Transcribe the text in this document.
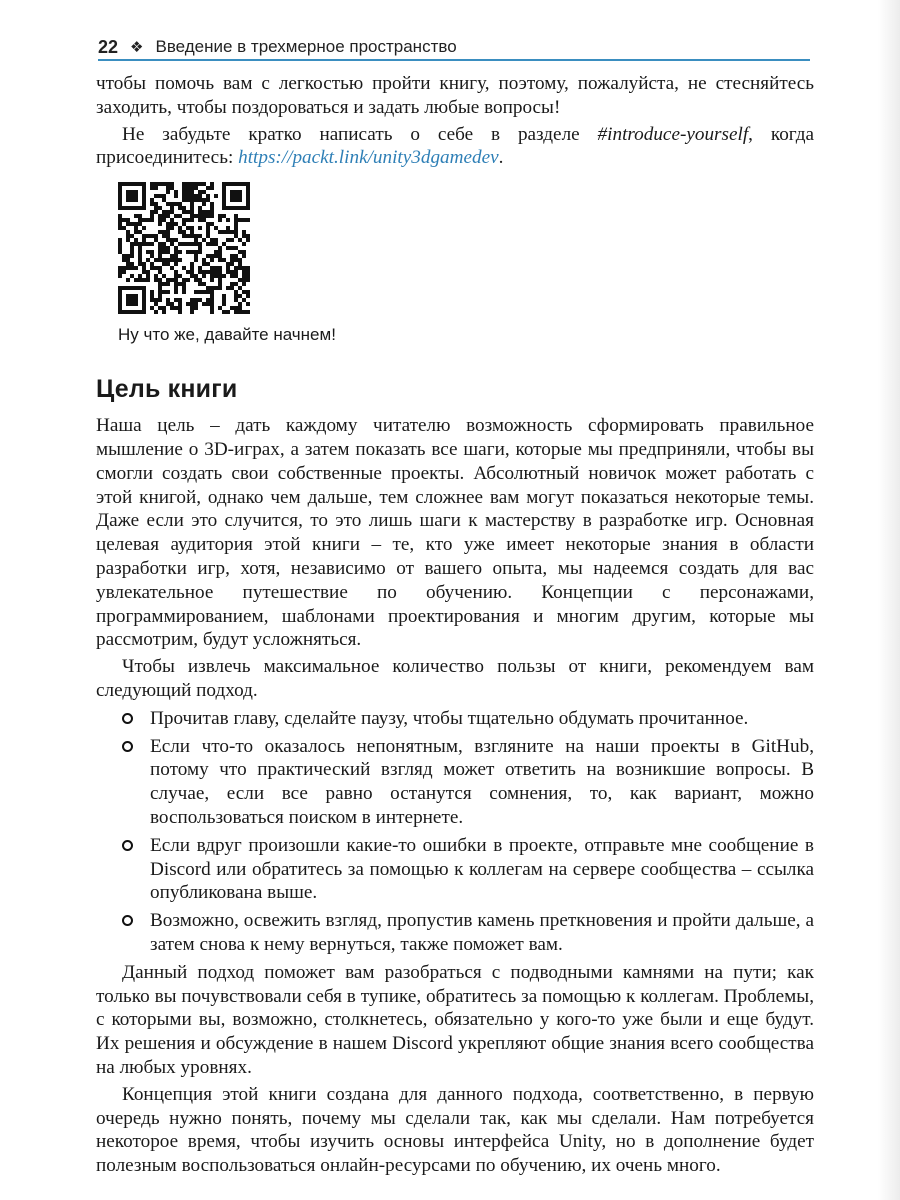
22 ❖ Введение в трехмерное пространство

чтобы помочь вам с легкостью пройти книгу, поэтому, пожалуйста, не стесняйтесь заходить, чтобы поздороваться и задать любые вопросы!

Не забудьте кратко написать о себе в разделе #introduce-yourself, когда присоединитесь: https://packt.link/unity3dgamedev.

Ну что же, давайте начнем!

Цель книги

Наша цель – дать каждому читателю возможность сформировать правильное мышление о 3D-играх, а затем показать все шаги, которые мы предприняли, чтобы вы смогли создать свои собственные проекты. Абсолютный новичок может работать с этой книгой, однако чем дальше, тем сложнее вам могут показаться некоторые темы. Даже если это случится, то это лишь шаги к мастерству в разработке игр. Основная целевая аудитория этой книги – те, кто уже имеет некоторые знания в области разработки игр, хотя, независимо от вашего опыта, мы надеемся создать для вас увлекательное путешествие по обучению. Концепции с персонажами, программированием, шаблонами проектирования и многим другим, которые мы рассмотрим, будут усложняться.

Чтобы извлечь максимальное количество пользы от книги, рекомендуем вам следующий подход.

Прочитав главу, сделайте паузу, чтобы тщательно обдумать прочитанное.
Если что-то оказалось непонятным, взгляните на наши проекты в GitHub, потому что практический взгляд может ответить на возникшие вопросы. В случае, если все равно останутся сомнения, то, как вариант, можно воспользоваться поиском в интернете.
Если вдруг произошли какие-то ошибки в проекте, отправьте мне сообщение в Discord или обратитесь за помощью к коллегам на сервере сообщества – ссылка опубликована выше.
Возможно, освежить взгляд, пропустив камень преткновения и пройти дальше, а затем снова к нему вернуться, также поможет вам.

Данный подход поможет вам разобраться с подводными камнями на пути; как только вы почувствовали себя в тупике, обратитесь за помощью к коллегам. Проблемы, с которыми вы, возможно, столкнетесь, обязательно у кого-то уже были и еще будут. Их решения и обсуждение в нашем Discord укрепляют общие знания всего сообщества на любых уровнях.

Концепция этой книги создана для данного подхода, соответственно, в первую очередь нужно понять, почему мы сделали так, как мы сделали. Нам потребуется некоторое время, чтобы изучить основы интерфейса Unity, но в дополнение будет полезным воспользоваться онлайн-ресурсами по обучению, их очень много.
